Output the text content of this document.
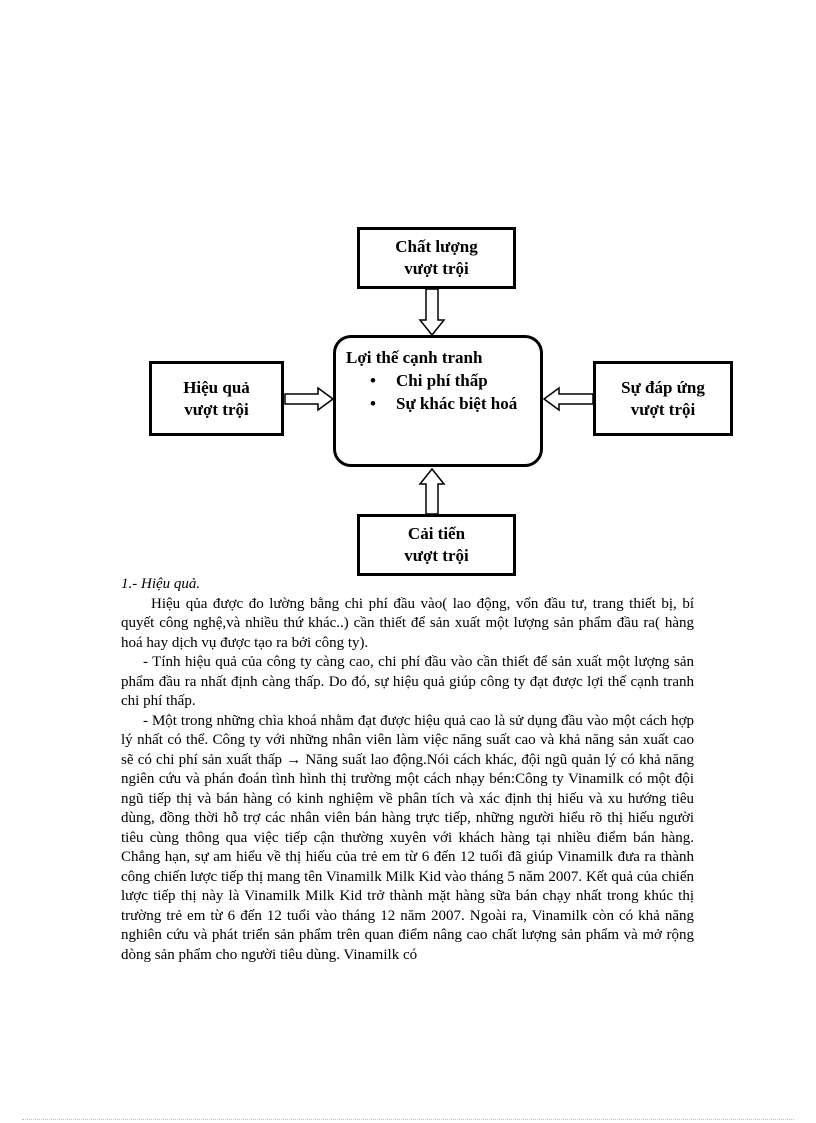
Chất lượng
vượt trội
Hiệu quả
vượt trội
Sự đáp ứng
vượt trội
Cải tiến
vượt trội
Lợi thế cạnh tranh
• Chi phí thấp
• Sự khác biệt hoá

1.- Hiệu quả.

Hiệu qủa được đo lường bằng chi phí đầu vào( lao động, vốn đầu tư, trang thiết bị, bí quyết công nghệ,và nhiều thứ khác..) cần thiết để sản xuất một lượng sản phẩm đầu ra( hàng hoá hay dịch vụ được tạo ra bởi công ty).

- Tính hiệu quả của công ty càng cao, chi phí đầu vào cần thiết để sản xuất một lượng sản phẩm đầu ra nhất định càng thấp. Do đó, sự hiệu quả giúp công ty đạt được lợi thế cạnh tranh chi phí thấp.

- Một trong những chìa khoá nhằm đạt được hiệu quả cao là sử dụng đầu vào một cách hợp lý nhất có thể. Công ty với những nhân viên làm việc năng suất cao và khả năng sản xuất cao sẽ có chi phí sản xuất thấp → Năng suất lao động.Nói cách khác, đội ngũ quản lý có khả năng ngiên cứu và phán đoán tình hình thị trường một cách nhạy bén:Công ty Vinamilk có một đội ngũ tiếp thị và bán hàng có kinh nghiệm về phân tích và xác định thị hiếu và xu hướng tiêu dùng, đồng thời hỗ trợ các nhân viên bán hàng trực tiếp, những người hiểu rõ thị hiếu người tiêu cùng thông qua việc tiếp cận thường xuyên với khách hàng tại nhiều điểm bán hàng. Chẳng hạn, sự am hiểu về thị hiếu của trẻ em từ 6 đến 12 tuổi đã giúp Vinamilk đưa ra thành công chiến lược tiếp thị mang tên Vinamilk Milk Kid vào tháng 5 năm 2007. Kết quả của chiến lược tiếp thị này là Vinamilk Milk Kid trở thành mặt hàng sữa bán chạy nhất trong khúc thị trường trẻ em từ 6 đến 12 tuổi vào tháng 12 năm 2007. Ngoài ra, Vinamilk còn có khả năng nghiên cứu và phát triển sản phẩm trên quan điểm nâng cao chất lượng sản phẩm và mở rộng dòng sản phẩm cho người tiêu dùng. Vinamilk có
